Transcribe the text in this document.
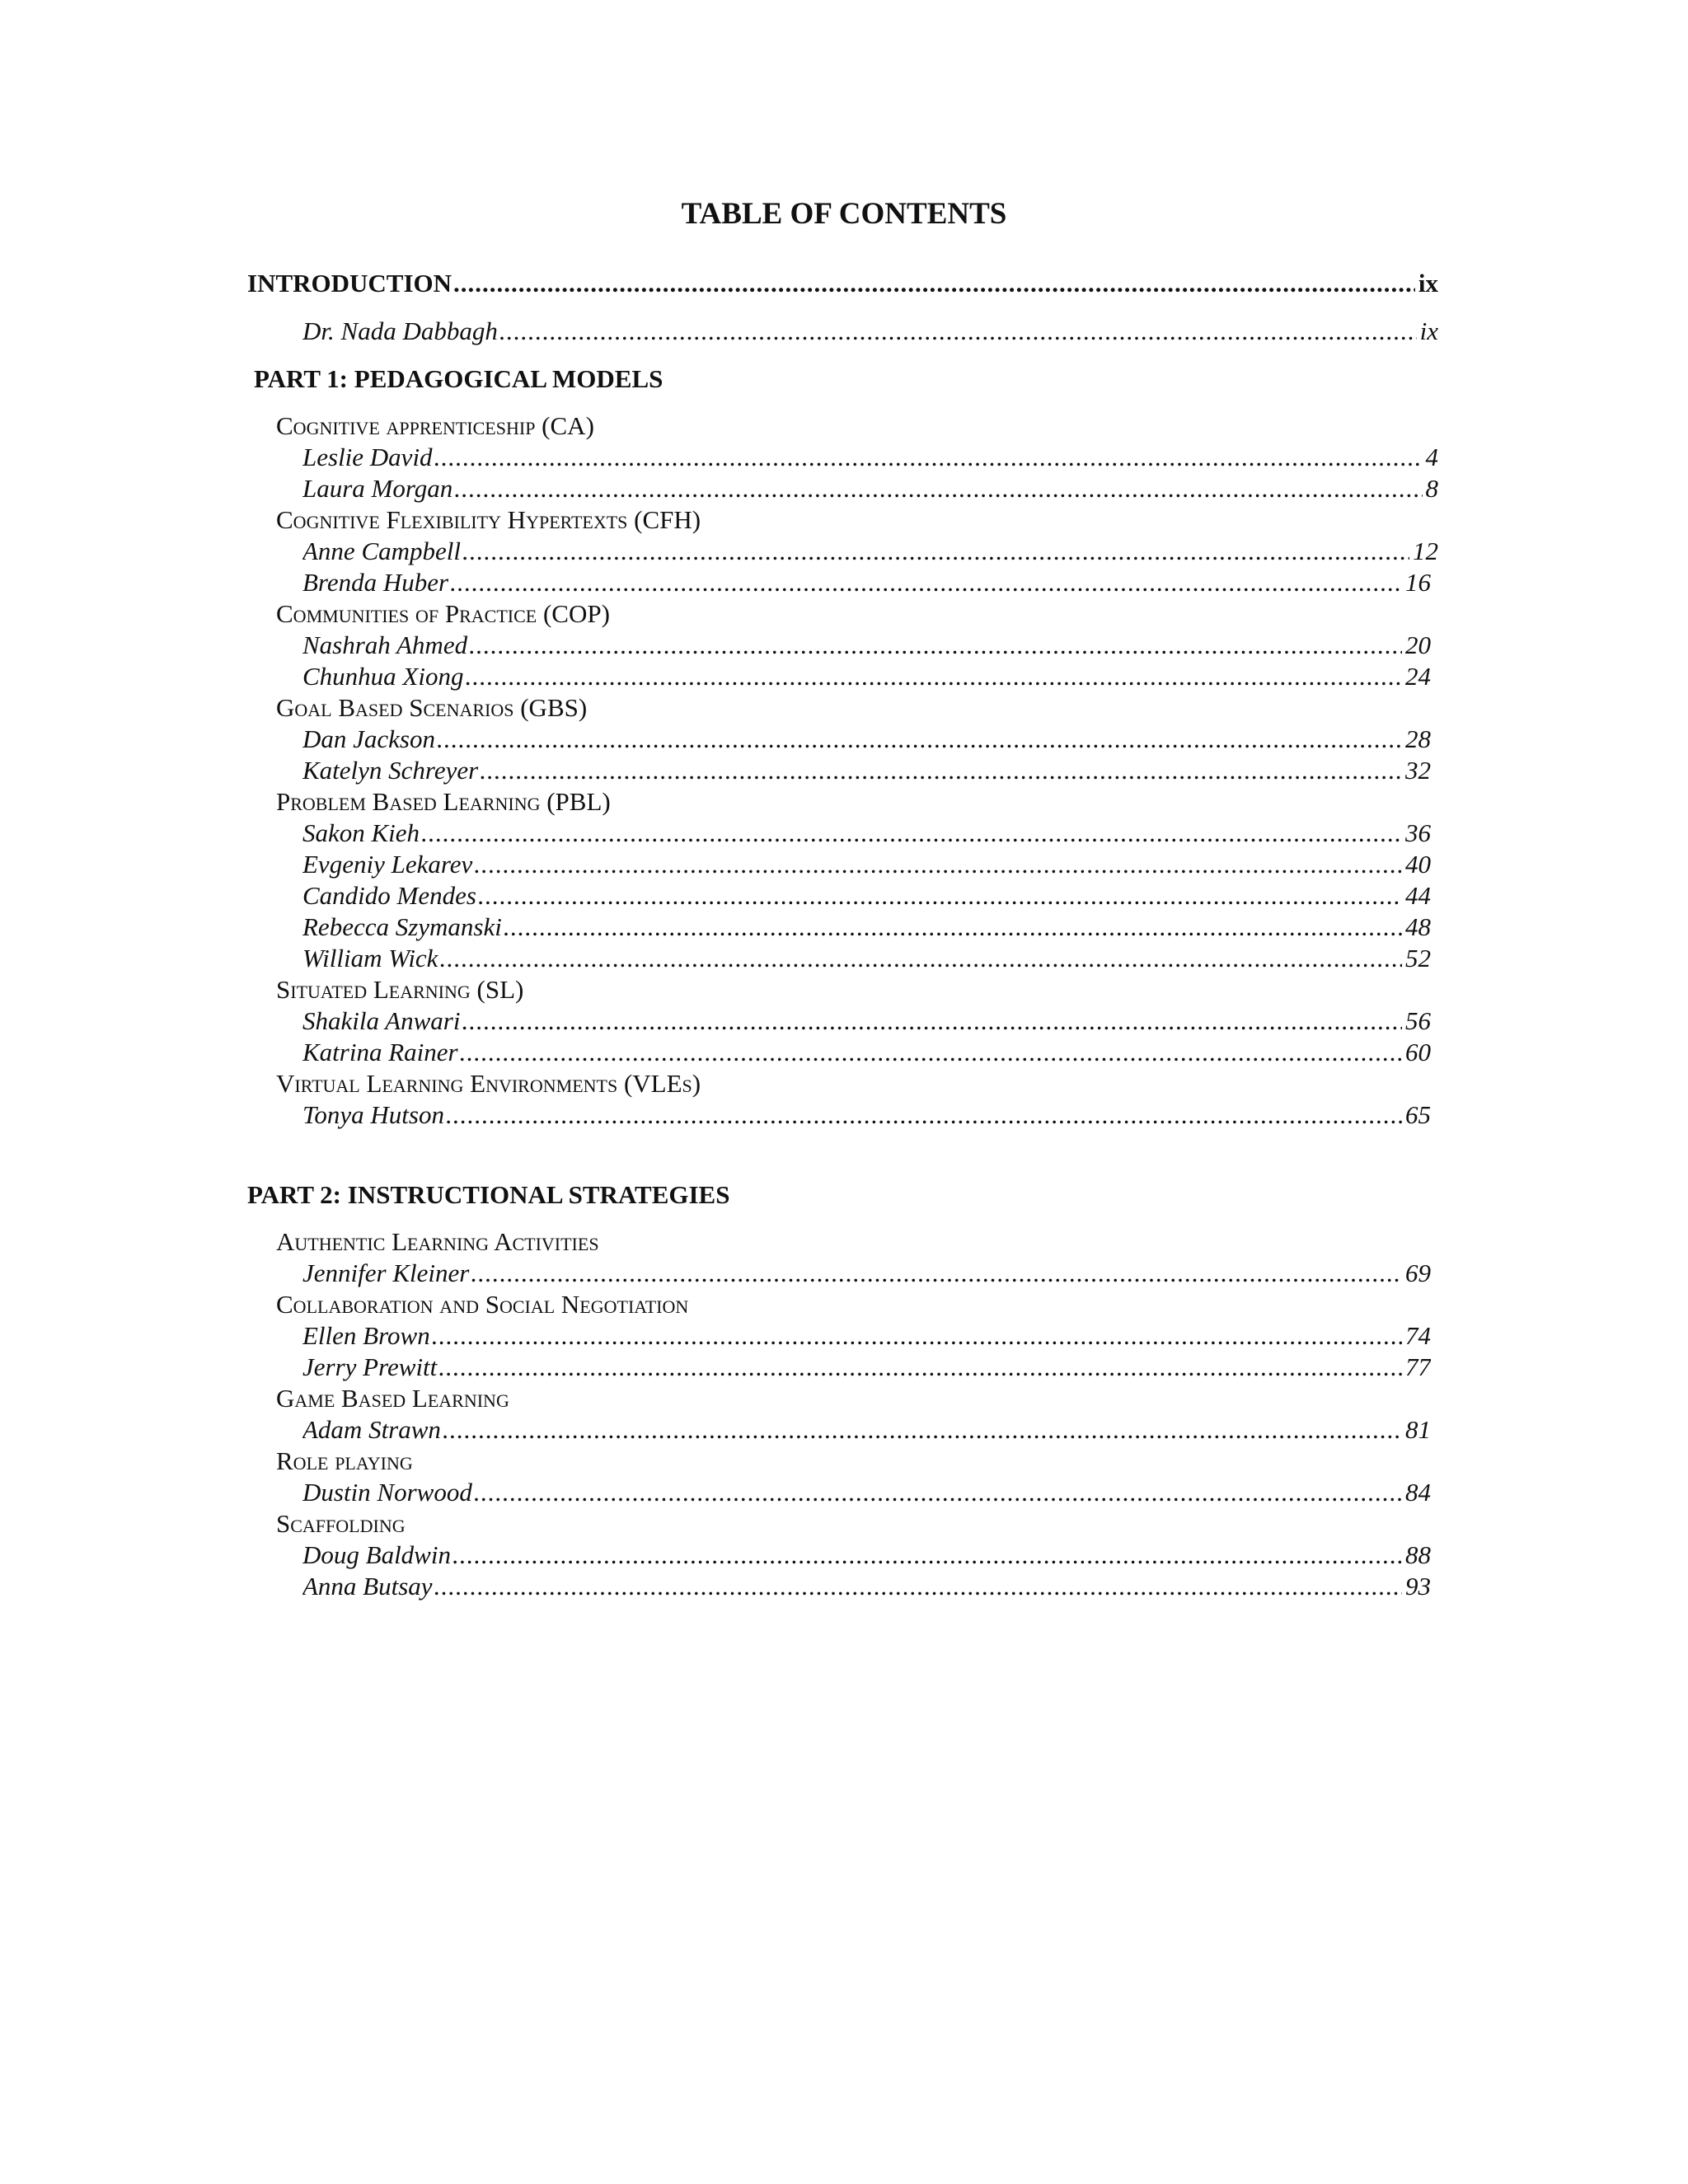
TABLE OF CONTENTS
INTRODUCTION .....	ix
Dr. Nada Dabbagh .....	ix
PART 1: PEDAGOGICAL MODELS
Cognitive apprenticeship (CA)
Leslie David .....	4
Laura Morgan .....	8
Cognitive Flexibility Hypertexts (CFH)
Anne Campbell .....	12
Brenda Huber .....	16
Communities of Practice (COP)
Nashrah Ahmed .....	20
Chunhua Xiong .....	24
Goal Based Scenarios (GBS)
Dan Jackson .....	28
Katelyn Schreyer .....	32
Problem Based Learning (PBL)
Sakon Kieh .....	36
Evgeniy Lekarev .....	40
Candido Mendes .....	44
Rebecca Szymanski .....	48
William Wick .....	52
Situated Learning (SL)
Shakila Anwari .....	56
Katrina Rainer .....	60
Virtual Learning Environments (VLEs)
Tonya Hutson .....	65
PART 2: INSTRUCTIONAL STRATEGIES
Authentic Learning Activities
Jennifer Kleiner .....	69
Collaboration and Social Negotiation
Ellen Brown .....	74
Jerry Prewitt .....	77
Game Based Learning
Adam Strawn .....	81
Role playing
Dustin Norwood .....	84
Scaffolding
Doug Baldwin .....	88
Anna Butsay .....	93
